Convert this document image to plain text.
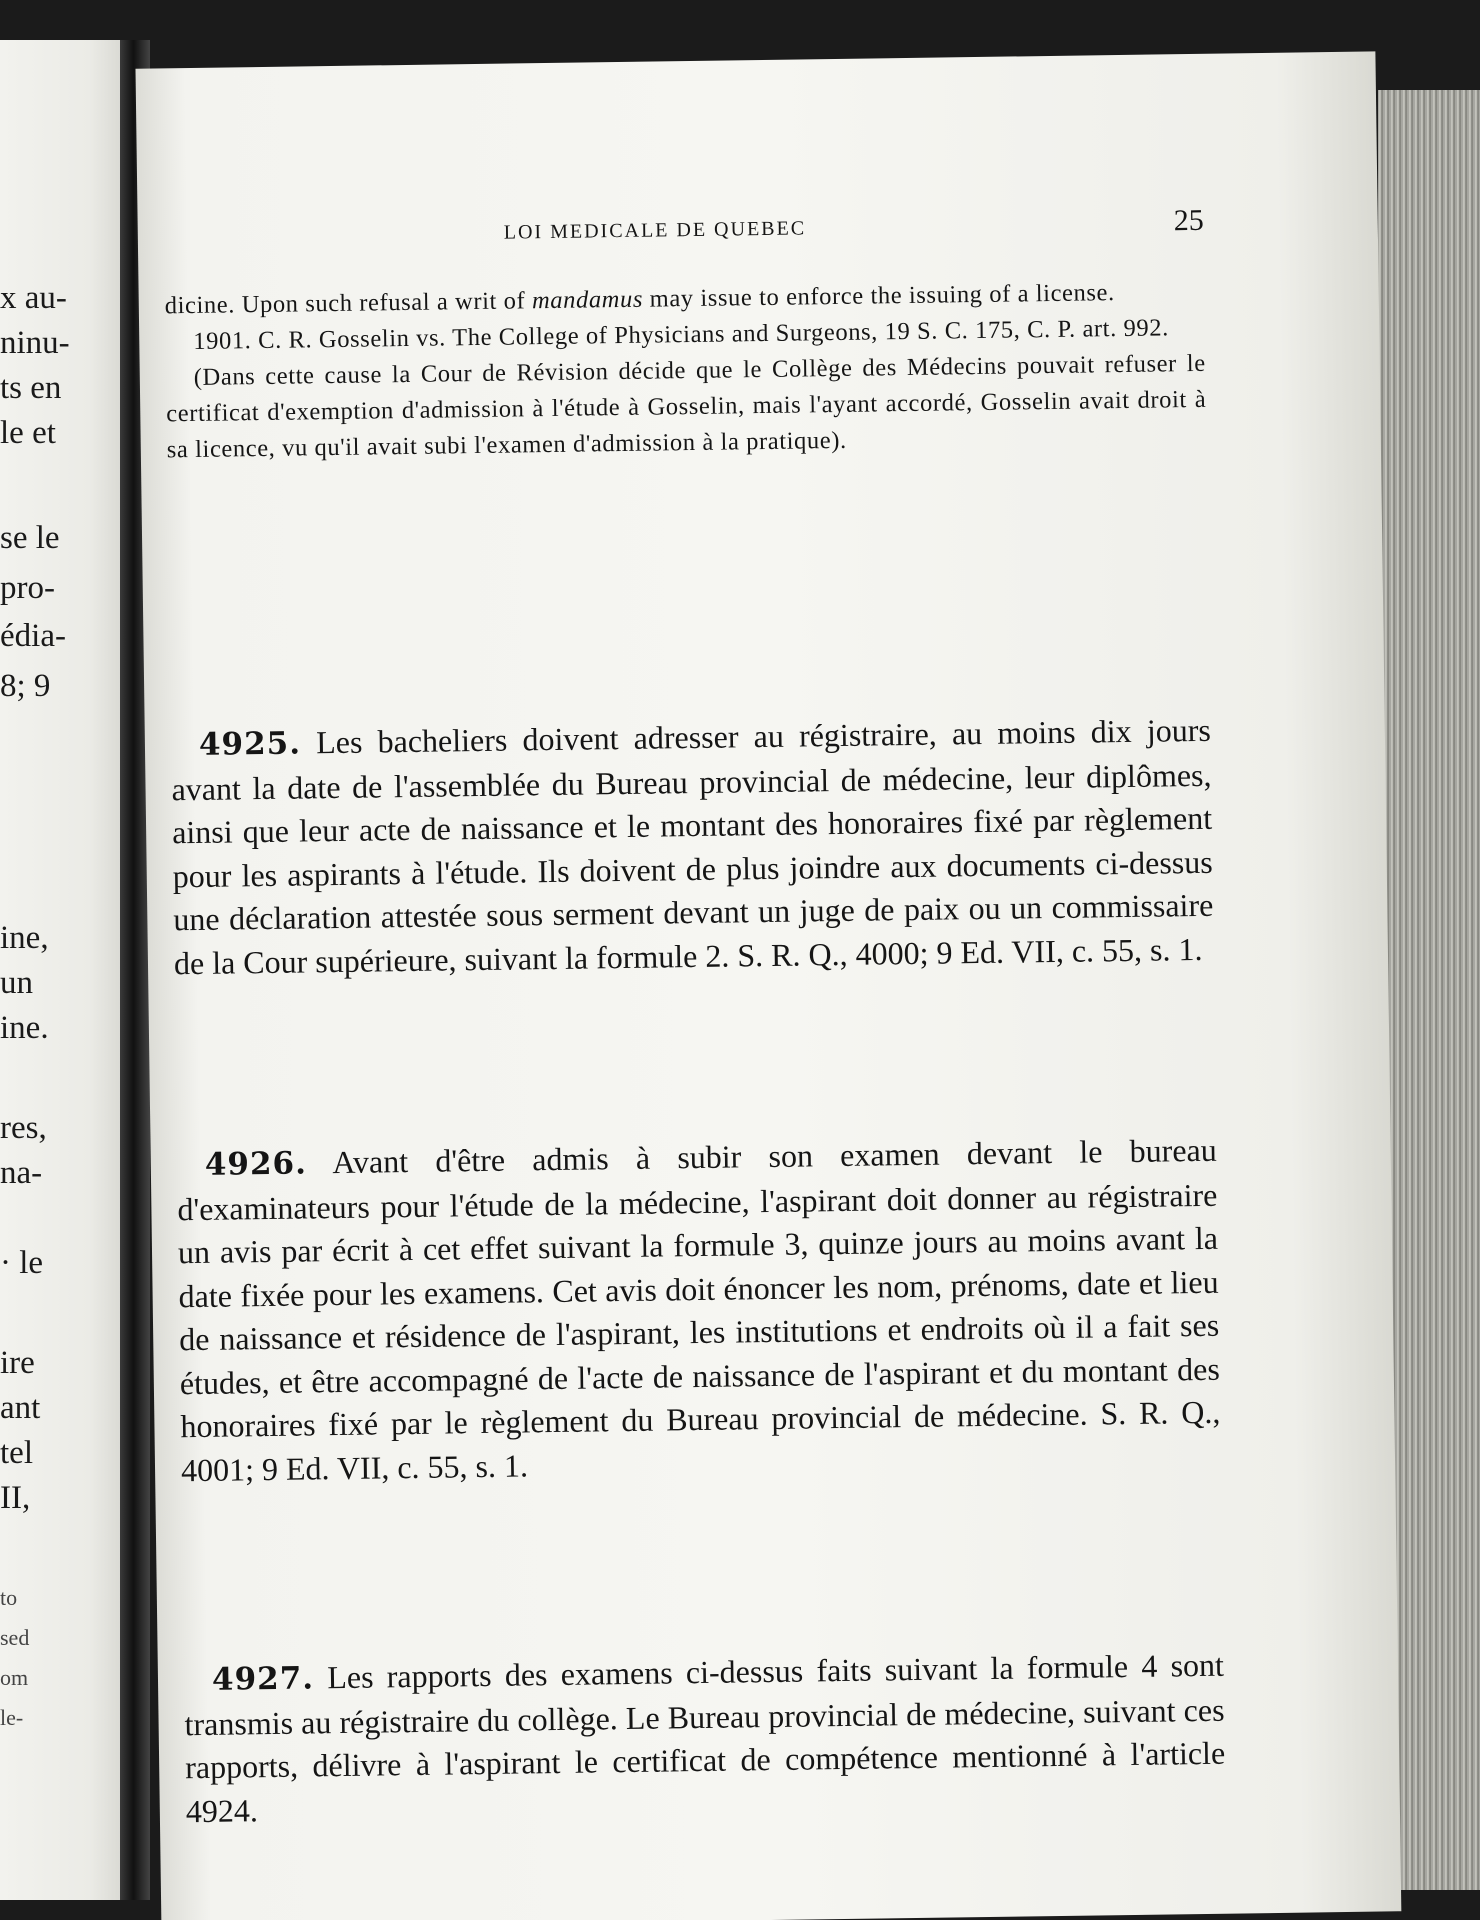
x au-
ninu-
ts en
le et
se le
pro-
édia-
8; 9
ine,
un
ine.
res,
na-
· le
ire
ant
tel
II,
to
sed
om
le-
LOI MEDICALE DE QUEBEC	25

dicine. Upon such refusal a writ of mandamus may issue to enforce the issuing of a license.

1901. C. R. Gosselin vs. The College of Physicians and Surgeons, 19 S. C. 175, C. P. art. 992.

(Dans cette cause la Cour de Révision décide que le Collège des Médecins pouvait refuser le certificat d'exemption d'admission à l'étude à Gosselin, mais l'ayant accordé, Gosselin avait droit à sa licence, vu qu'il avait subi l'examen d'admission à la pratique).

4925. Les bacheliers doivent adresser au régistraire, au moins dix jours avant la date de l'assemblée du Bureau provincial de médecine, leur diplômes, ainsi que leur acte de naissance et le montant des honoraires fixé par règlement pour les aspirants à l'étude. Ils doivent de plus joindre aux documents ci-dessus une déclaration attestée sous serment devant un juge de paix ou un commissaire de la Cour supérieure, suivant la formule 2. S. R. Q., 4000; 9 Ed. VII, c. 55, s. 1.

4926. Avant d'être admis à subir son examen devant le bureau d'examinateurs pour l'étude de la médecine, l'aspirant doit donner au régistraire un avis par écrit à cet effet suivant la formule 3, quinze jours au moins avant la date fixée pour les examens. Cet avis doit énoncer les nom, prénoms, date et lieu de naissance et résidence de l'aspirant, les institutions et endroits où il a fait ses études, et être accompagné de l'acte de naissance de l'aspirant et du montant des honoraires fixé par le règlement du Bureau provincial de médecine. S. R. Q., 4001; 9 Ed. VII, c. 55, s. 1.

4927. Les rapports des examens ci-dessus faits suivant la formule 4 sont transmis au régistraire du collège. Le Bureau provincial de médecine, suivant ces rapports, délivre à l'aspirant le certificat de compétence mentionné à l'article 4924.
